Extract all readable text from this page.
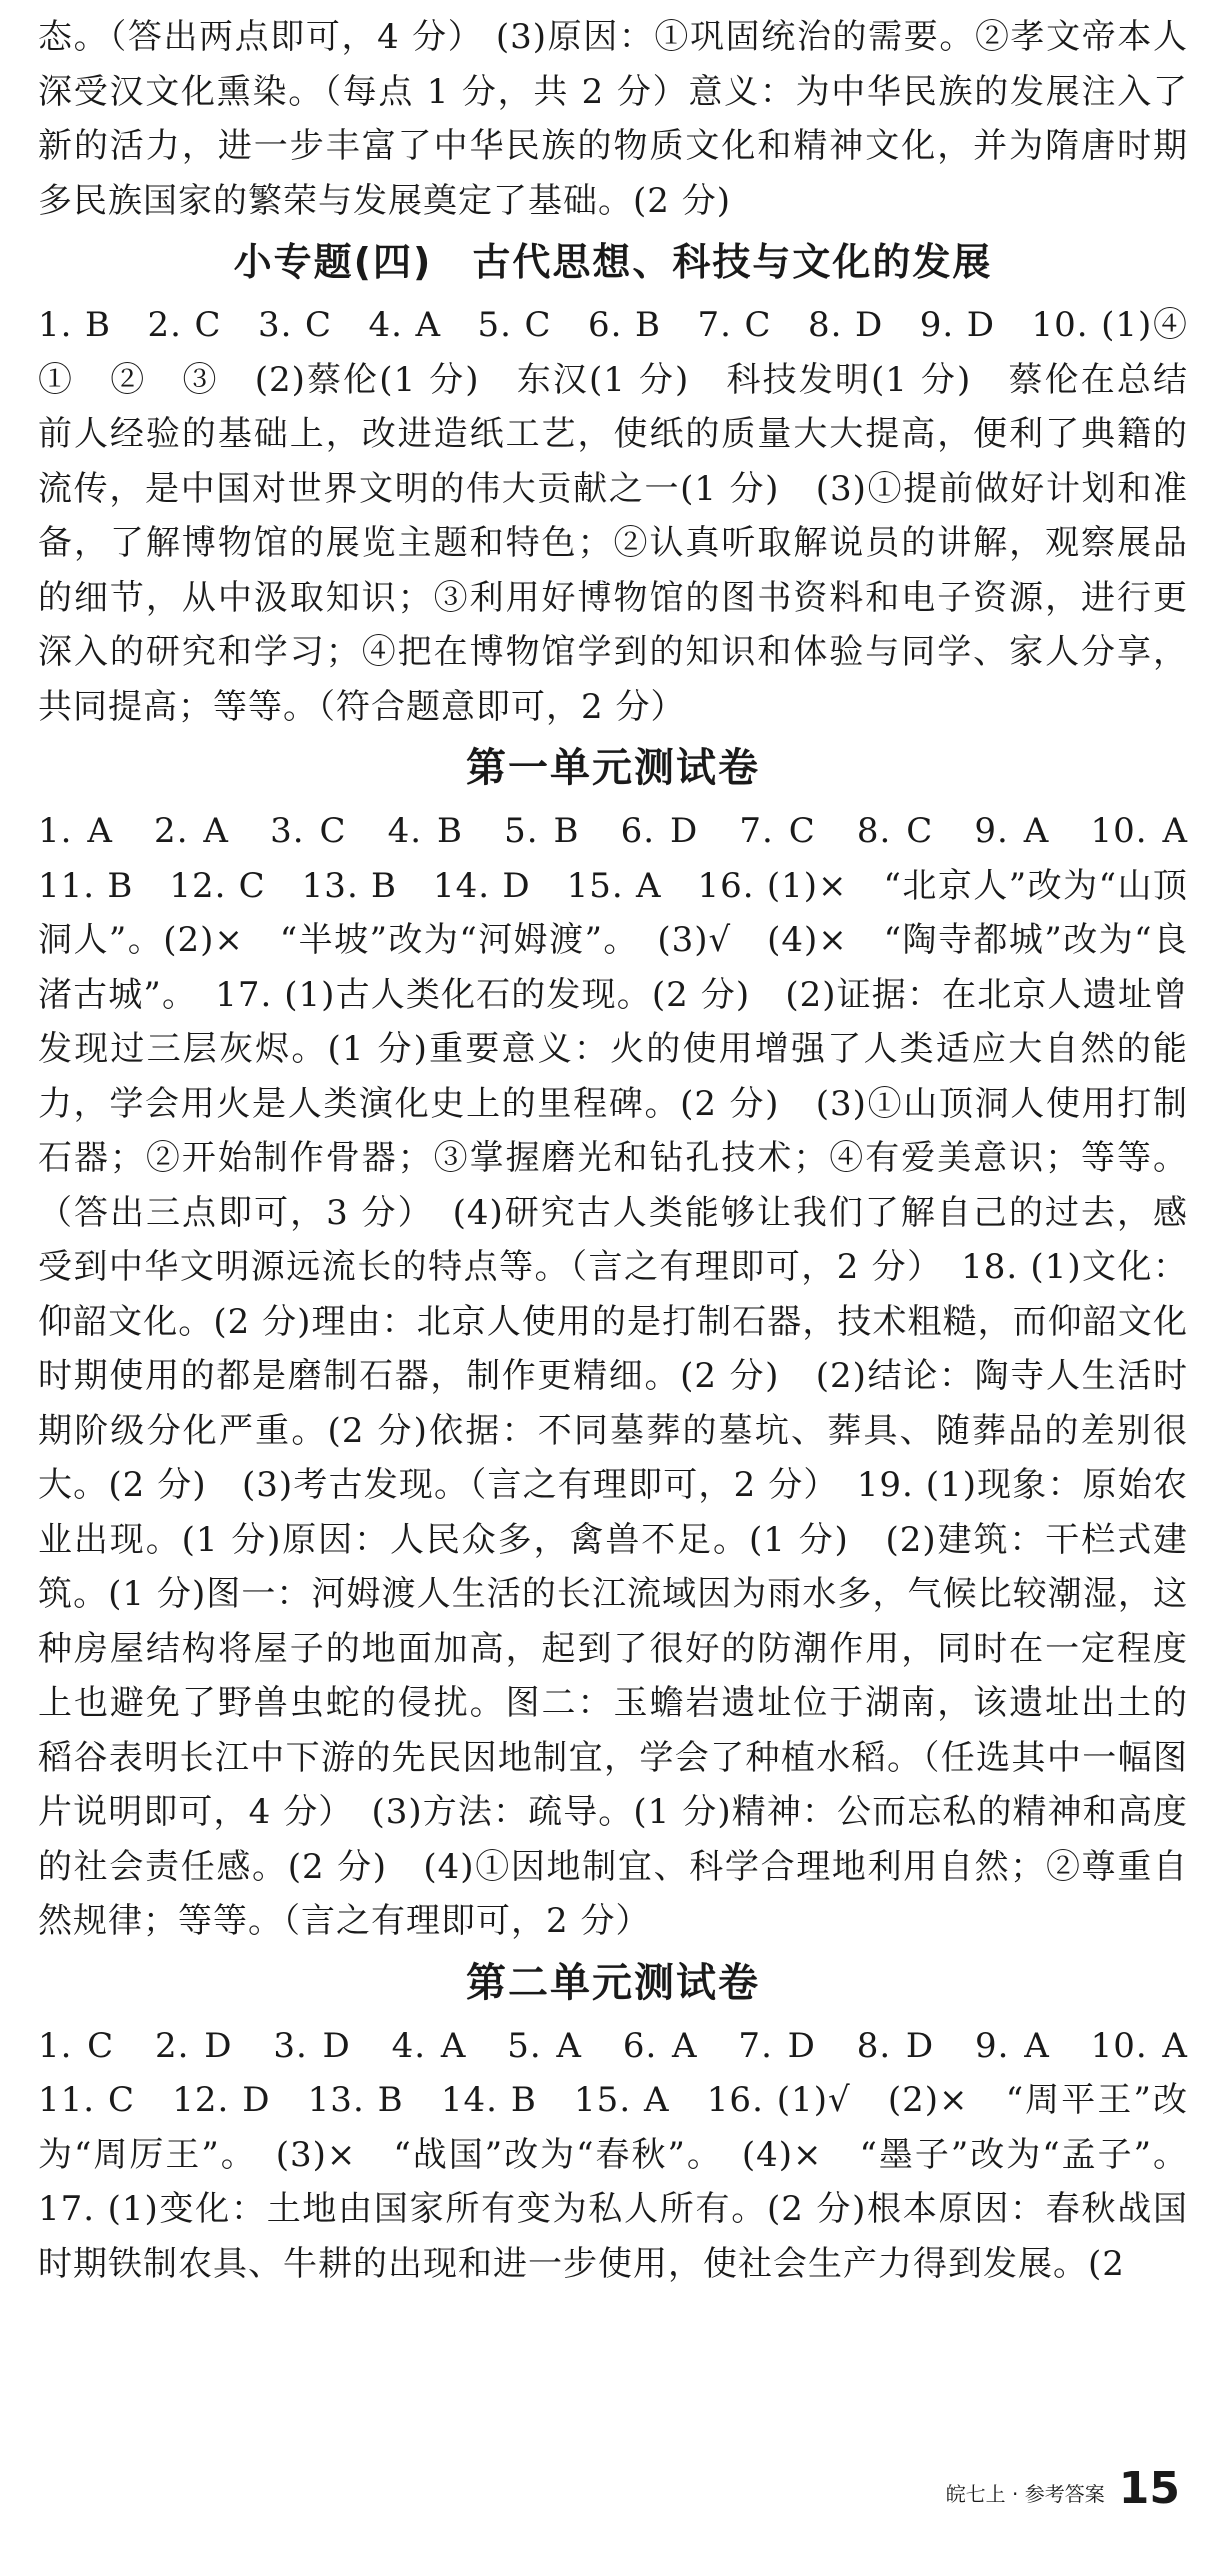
态。（答出两点即可，4 分） (3)原因：①巩固统治的需要。②孝文帝本人深受汉文化熏染。（每点 1 分，共 2 分）意义：为中华民族的发展注入了新的活力，进一步丰富了中华民族的物质文化和精神文化，并为隋唐时期多民族国家的繁荣与发展奠定了基础。(2 分)

小专题(四)　古代思想、科技与文化的发展

1. B　2. C　3. C　4. A　5. C　6. B　7. C　8. D　9. D　10. (1)④　①　②　③　(2)蔡伦(1 分)　东汉(1 分)　科技发明(1 分)　蔡伦在总结前人经验的基础上，改进造纸工艺，使纸的质量大大提高，便利了典籍的流传，是中国对世界文明的伟大贡献之一(1 分)　(3)①提前做好计划和准备，了解博物馆的展览主题和特色；②认真听取解说员的讲解，观察展品的细节，从中汲取知识；③利用好博物馆的图书资料和电子资源，进行更深入的研究和学习；④把在博物馆学到的知识和体验与同学、家人分享，共同提高；等等。（符合题意即可，2 分）

第一单元测试卷

1. A　2. A　3. C　4. B　5. B　6. D　7. C　8. C　9. A　10. A　11. B　12. C　13. B　14. D　15. A　16. (1)×　“北京人”改为“山顶洞人”。(2)×　“半坡”改为“河姆渡”。　(3)√　(4)×　“陶寺都城”改为“良渚古城”。　17. (1)古人类化石的发现。(2 分)　(2)证据：在北京人遗址曾发现过三层灰烬。(1 分)重要意义：火的使用增强了人类适应大自然的能力，学会用火是人类演化史上的里程碑。(2 分)　(3)①山顶洞人使用打制石器；②开始制作骨器；③掌握磨光和钻孔技术；④有爱美意识；等等。（答出三点即可，3 分）　(4)研究古人类能够让我们了解自己的过去，感受到中华文明源远流长的特点等。（言之有理即可，2 分）　18. (1)文化：仰韶文化。(2 分)理由：北京人使用的是打制石器，技术粗糙，而仰韶文化时期使用的都是磨制石器，制作更精细。(2 分)　(2)结论：陶寺人生活时期阶级分化严重。(2 分)依据：不同墓葬的墓坑、葬具、随葬品的差别很大。(2 分)　(3)考古发现。（言之有理即可，2 分）　19. (1)现象：原始农业出现。(1 分)原因：人民众多，禽兽不足。(1 分)　(2)建筑：干栏式建筑。(1 分)图一：河姆渡人生活的长江流域因为雨水多，气候比较潮湿，这种房屋结构将屋子的地面加高，起到了很好的防潮作用，同时在一定程度上也避免了野兽虫蛇的侵扰。图二：玉蟾岩遗址位于湖南，该遗址出土的稻谷表明长江中下游的先民因地制宜，学会了种植水稻。（任选其中一幅图片说明即可，4 分）　(3)方法：疏导。(1 分)精神：公而忘私的精神和高度的社会责任感。(2 分)　(4)①因地制宜、科学合理地利用自然；②尊重自然规律；等等。（言之有理即可，2 分）

第二单元测试卷

1. C　2. D　3. D　4. A　5. A　6. A　7. D　8. D　9. A　10. A　11. C　12. D　13. B　14. B　15. A　16. (1)√　(2)×　“周平王”改为“周厉王”。　(3)×　“战国”改为“春秋”。　(4)×　“墨子”改为“孟子”。17. (1)变化：土地由国家所有变为私人所有。(2 分)根本原因：春秋战国时期铁制农具、牛耕的出现和进一步使用，使社会生产力得到发展。(2

皖七上 · 参考答案 15
